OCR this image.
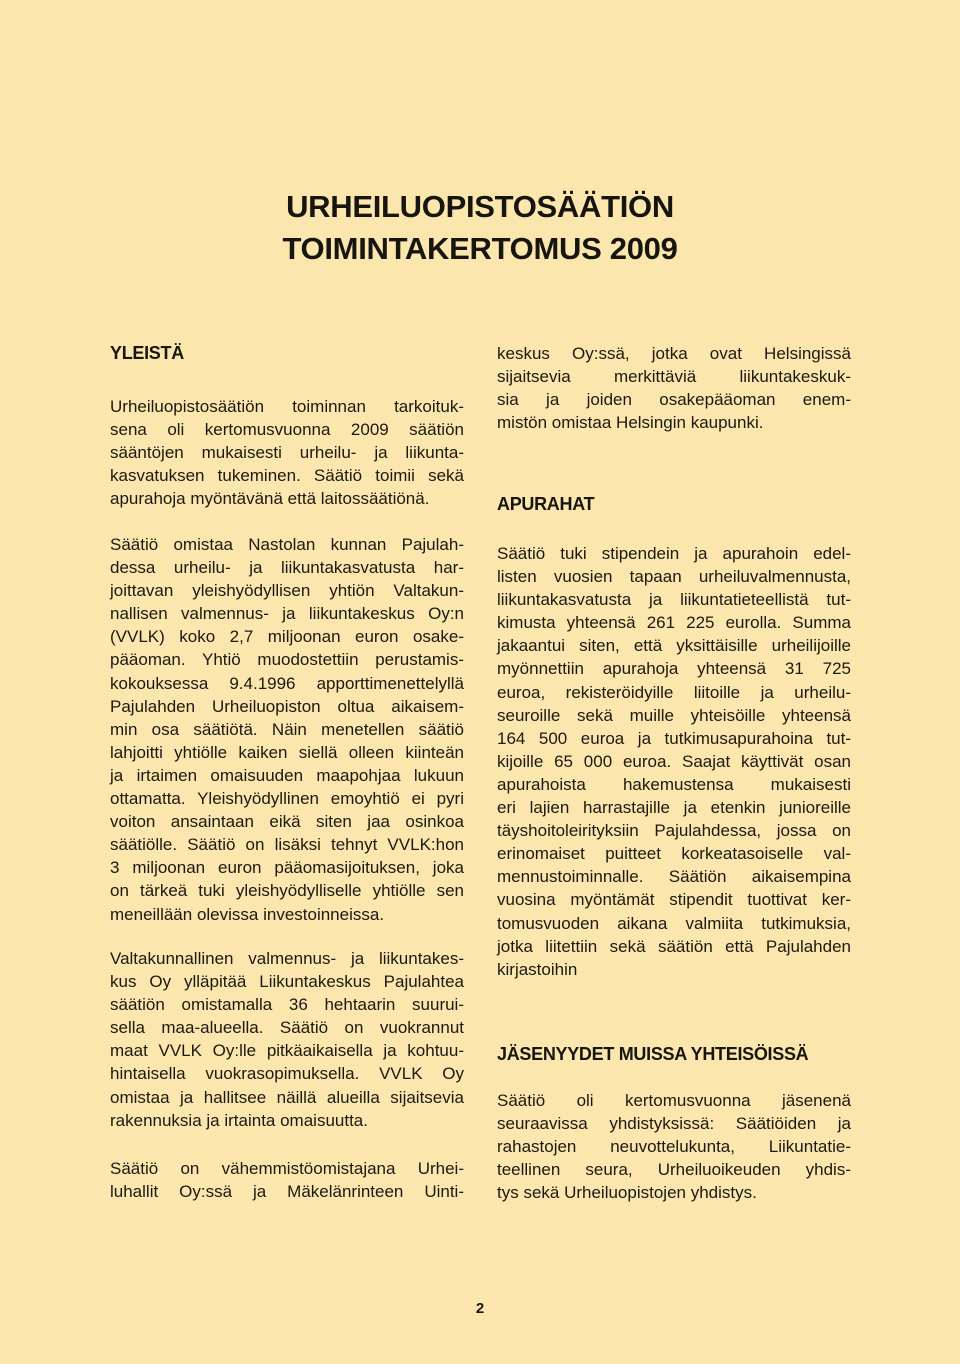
URHEILUOPISTOSÄÄTIÖN
TOIMINTAKERTOMUS 2009
YLEISTÄ
Urheiluopistosäätiön toiminnan tarkoituk-
sena oli kertomusvuonna 2009 säätiön
sääntöjen mukaisesti urheilu- ja liikunta-
kasvatuksen tukeminen. Säätiö toimii sekä
apurahoja myöntävänä että laitossäätiönä.
Säätiö omistaa Nastolan kunnan Pajulah-
dessa urheilu- ja liikuntakasvatusta har-
joittavan yleishyödyllisen yhtiön Valtakun-
nallisen valmennus- ja liikuntakeskus Oy:n
(VVLK) koko 2,7 miljoonan euron osake-
pääoman. Yhtiö muodostettiin perustamis-
kokouksessa 9.4.1996 apporttimenettelyllä
Pajulahden Urheiluopiston oltua aikaisem-
min osa säätiötä. Näin menetellen säätiö
lahjoitti yhtiölle kaiken siellä olleen kiinteän
ja irtaimen omaisuuden maapohjaa lukuun
ottamatta. Yleishyödyllinen emoyhtiö ei pyri
voiton ansaintaan eikä siten jaa osinkoa
säätiölle. Säätiö on lisäksi tehnyt VVLK:hon
3 miljoonan euron pääomasijoituksen, joka
on tärkeä tuki yleishyödylliselle yhtiölle sen
meneillään olevissa investoinneissa.
Valtakunnallinen valmennus- ja liikuntakes-
kus Oy ylläpitää Liikuntakeskus Pajulahtea
säätiön omistamalla 36 hehtaarin suurui-
sella maa-alueella. Säätiö on vuokrannut
maat VVLK Oy:lle pitkäaikaisella ja kohtuu-
hintaisella vuokrasopimuksella. VVLK Oy
omistaa ja hallitsee näillä alueilla sijaitsevia
rakennuksia ja irtainta omaisuutta.
Säätiö on vähemmistöomistajana Urhei-
luhallit Oy:ssä ja Mäkelänrinteen Uinti-
keskus Oy:ssä, jotka ovat Helsingissä
sijaitsevia merkittäviä liikuntakeskuk-
sia ja joiden osakepääoman enem-
mistön omistaa Helsingin kaupunki.
APURAHAT
Säätiö tuki stipendein ja apurahoin edel-
listen vuosien tapaan urheiluvalmennusta,
liikuntakasvatusta ja liikuntatieteellistä tut-
kimusta yhteensä 261 225 eurolla. Summa
jakaantui siten, että yksittäisille urheilijoille
myönnettiin apurahoja yhteensä 31 725
euroa, rekisteröidyille liitoille ja urheilu-
seuroille sekä muille yhteisöille yhteensä
164 500 euroa ja tutkimusapurahoina tut-
kijoille 65 000 euroa. Saajat käyttivät osan
apurahoista hakemustensa mukaisesti
eri lajien harrastajille ja etenkin junioreille
täyshoitoleirityksiin Pajulahdessa, jossa on
erinomaiset puitteet korkeatasoiselle val-
mennustoiminnalle. Säätiön aikaisempina
vuosina myöntämät stipendit tuottivat ker-
tomusvuoden aikana valmiita tutkimuksia,
jotka liitettiin sekä säätiön että Pajulahden
kirjastoihin
JÄSENYYDET MUISSA YHTEISÖISSÄ
Säätiö oli kertomusvuonna jäsenenä
seuraavissa yhdistyksissä: Säätiöiden ja
rahastojen neuvottelukunta, Liikuntatie-
teellinen seura, Urheiluoikeuden yhdis-
tys sekä Urheiluopistojen yhdistys.
2
